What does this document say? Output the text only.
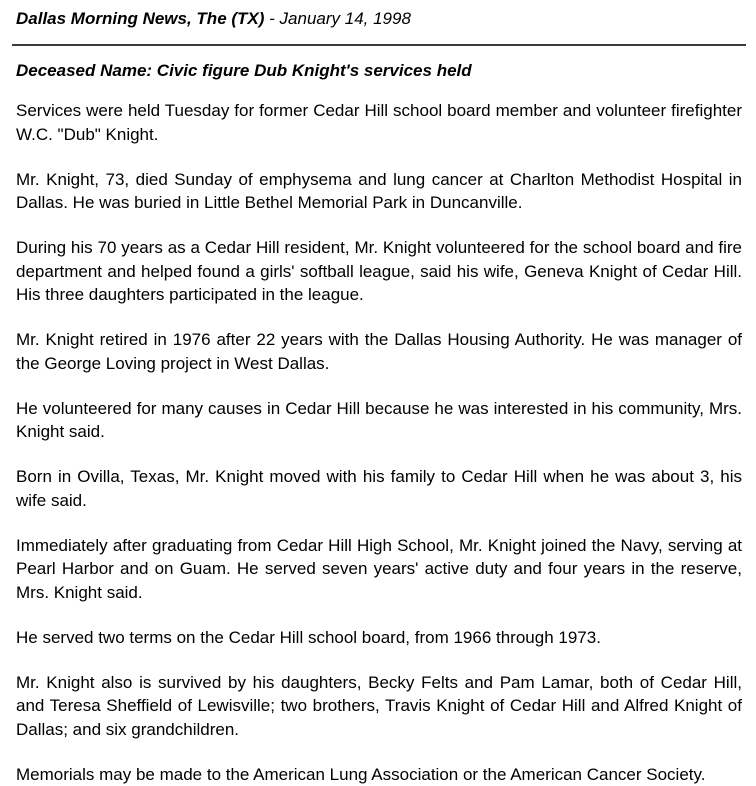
Dallas Morning News, The (TX) - January 14, 1998
Deceased Name: Civic figure Dub Knight's services held

Services were held Tuesday for former Cedar Hill school board member and volunteer firefighter W.C. "Dub" Knight.

Mr. Knight, 73, died Sunday of emphysema and lung cancer at Charlton Methodist Hospital in Dallas. He was buried in Little Bethel Memorial Park in Duncanville.

During his 70 years as a Cedar Hill resident, Mr. Knight volunteered for the school board and fire department and helped found a girls' softball league, said his wife, Geneva Knight of Cedar Hill. His three daughters participated in the league.

Mr. Knight retired in 1976 after 22 years with the Dallas Housing Authority. He was manager of the George Loving project in West Dallas.

He volunteered for many causes in Cedar Hill because he was interested in his community, Mrs. Knight said.

Born in Ovilla, Texas, Mr. Knight moved with his family to Cedar Hill when he was about 3, his wife said.

Immediately after graduating from Cedar Hill High School, Mr. Knight joined the Navy, serving at Pearl Harbor and on Guam. He served seven years' active duty and four years in the reserve, Mrs. Knight said.

He served two terms on the Cedar Hill school board, from 1966 through 1973.

Mr. Knight also is survived by his daughters, Becky Felts and Pam Lamar, both of Cedar Hill, and Teresa Sheffield of Lewisville; two brothers, Travis Knight of Cedar Hill and Alfred Knight of Dallas; and six grandchildren.

Memorials may be made to the American Lung Association or the American Cancer Society.
